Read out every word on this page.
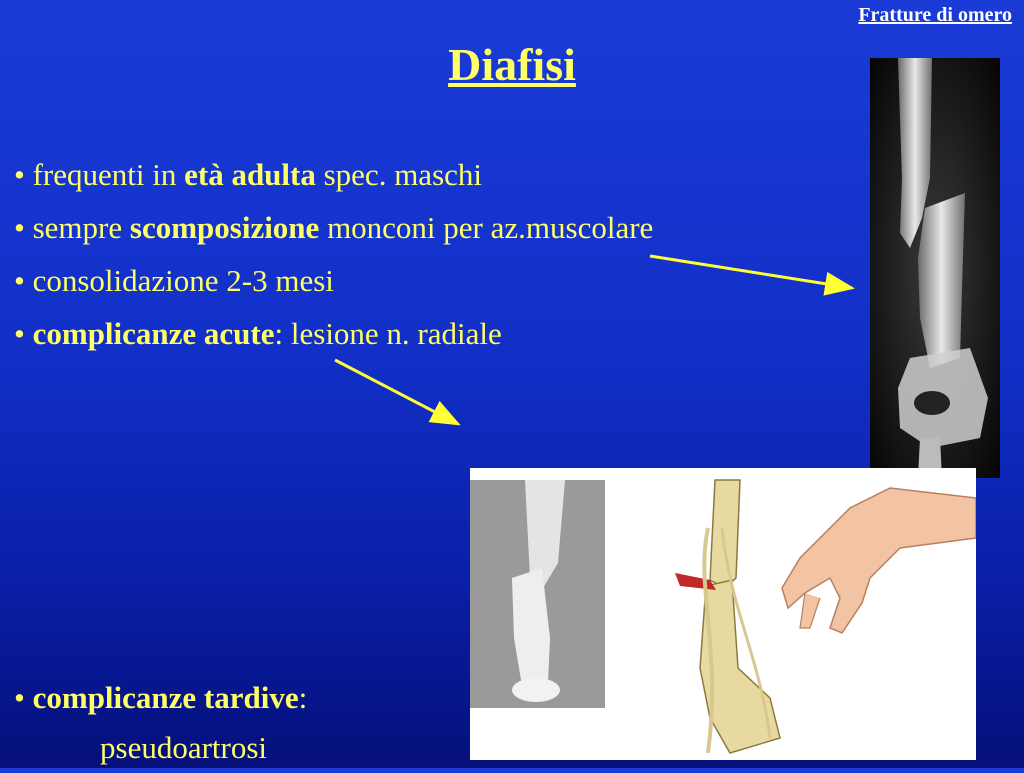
Fratture di omero
Diafisi
• frequenti in età adulta spec. maschi
• sempre scomposizione monconi per az.muscolare
• consolidazione 2-3 mesi
• complicanze acute: lesione n. radiale
• complicanze tardive:
pseudoartrosi
